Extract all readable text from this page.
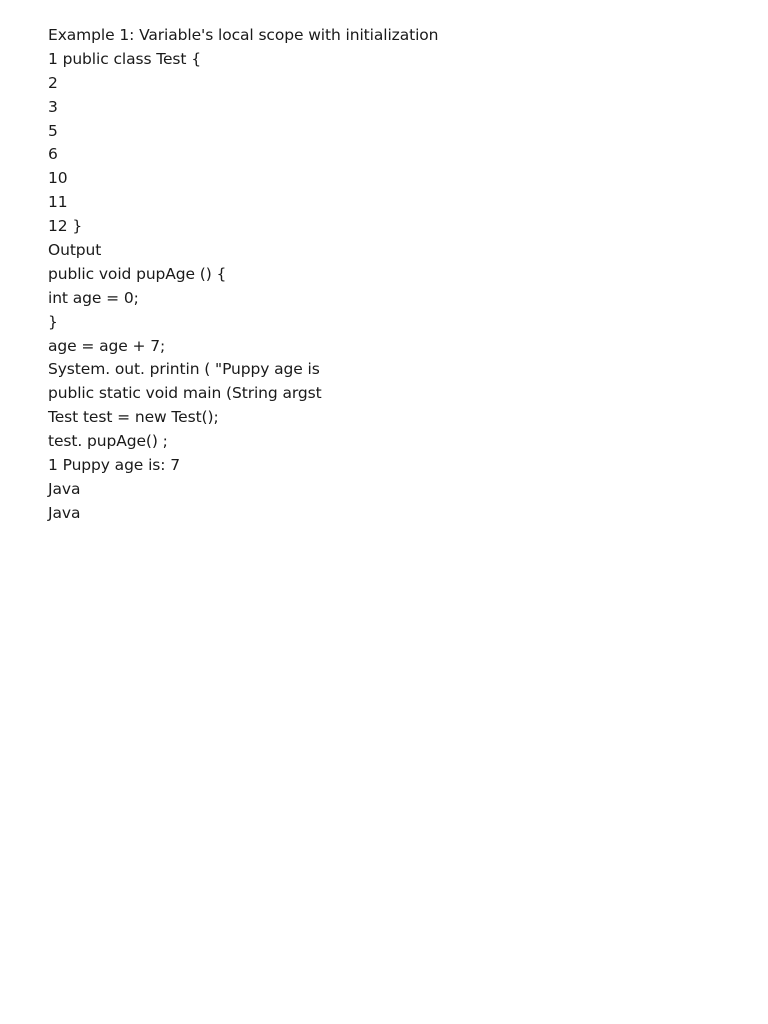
Example 1: Variable's local scope with initialization
1 public class Test {
2
3
5
6
10
11
12 }
Output
public void pupAge () {
int age = 0;
}
age = age + 7;
System. out. printin ( "Puppy age is
public static void main (String argst
Test test = new Test();
test. pupAge() ;
1 Puppy age is: 7
Java
Java
